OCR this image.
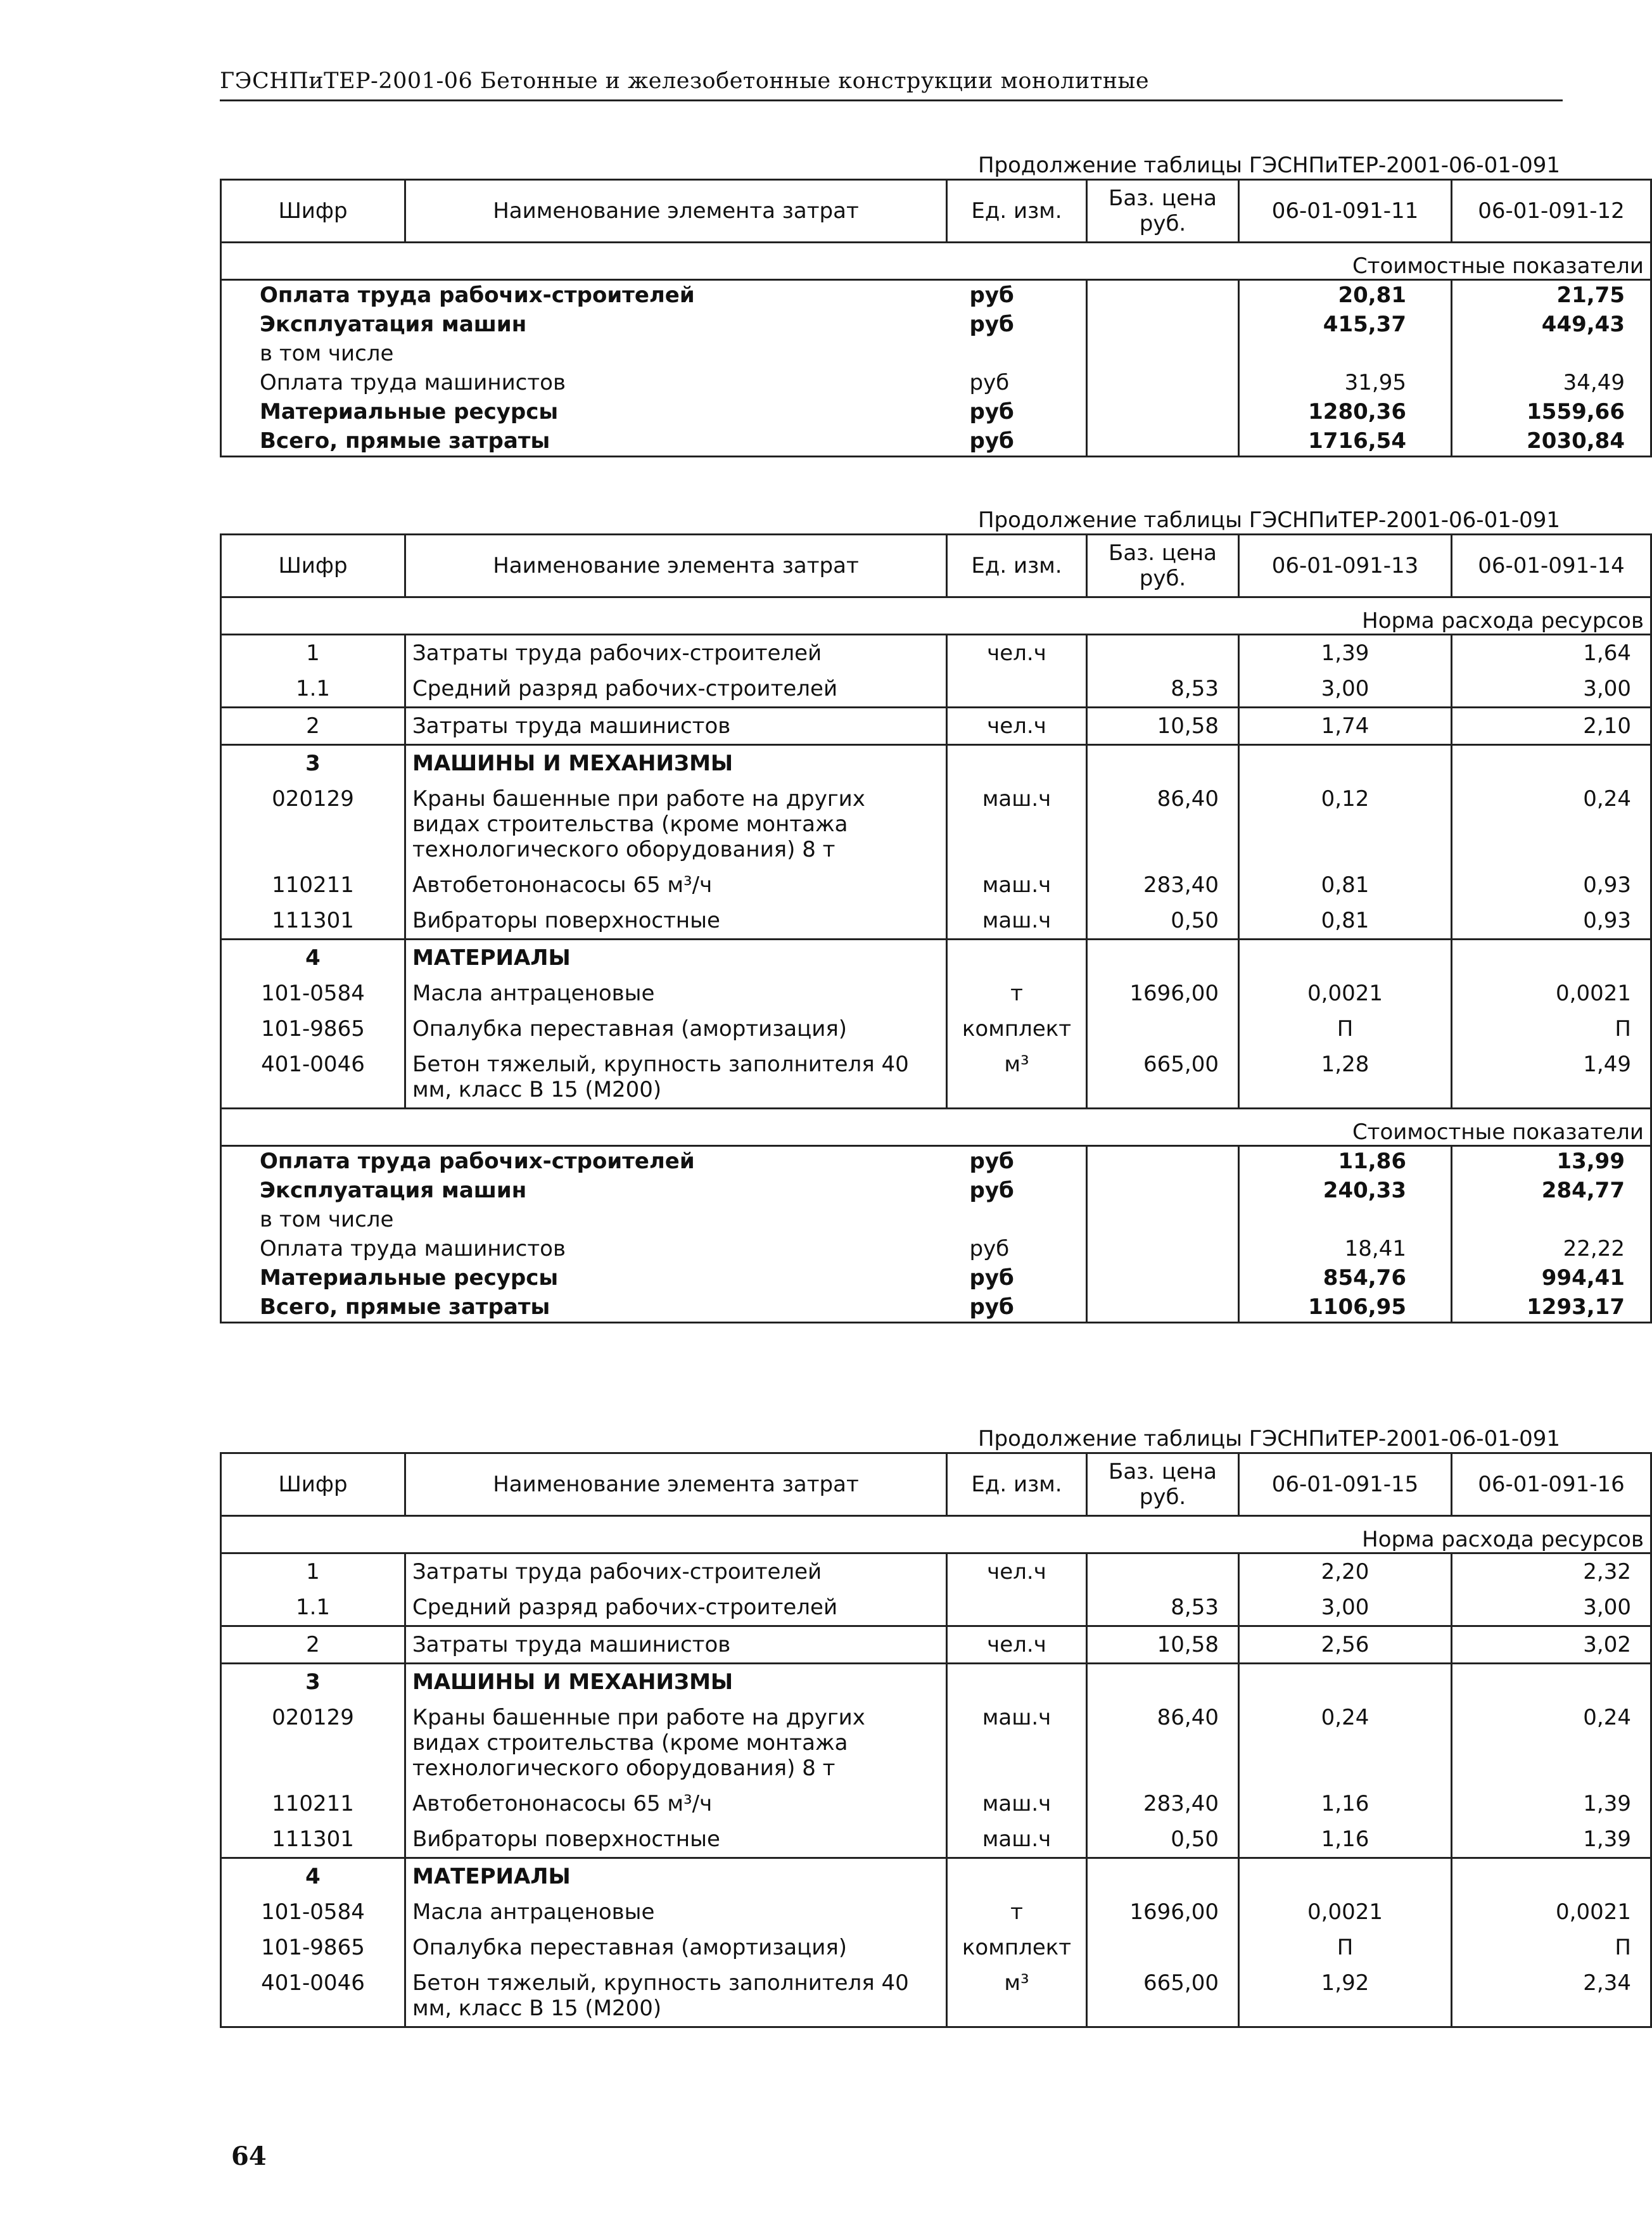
ГЭСНПиТЕР-2001-06 Бетонные и железобетонные конструкции монолитные
Продолжение таблицы ГЭСНПиТЕР-2001-06-01-091
Шифр	Наименование элемента затрат	Ед. изм.	Баз. цена руб.	06-01-091-11	06-01-091-12
Стоимостные показатели					
Оплата труда рабочих-строителей		руб		20,81	21,75
Эксплуатация машин		руб		415,37	449,43
в том числе					
Оплата труда машинистов		руб		31,95	34,49
Материальные ресурсы		руб		1280,36	1559,66
Всего, прямые затраты		руб		1716,54	2030,84
Продолжение таблицы ГЭСНПиТЕР-2001-06-01-091
Шифр	Наименование элемента затрат	Ед. изм.	Баз. цена руб.	06-01-091-13	06-01-091-14
Норма расхода ресурсов					
1	Затраты труда рабочих-строителей	чел.ч		1,39	1,64
1.1	Средний разряд рабочих-строителей		8,53	3,00	3,00
2	Затраты труда машинистов	чел.ч	10,58	1,74	2,10
3	МАШИНЫ И МЕХАНИЗМЫ				
020129	Краны башенные при работе на других видах строительства (кроме монтажа технологического оборудования) 8 т	маш.ч	86,40	0,12	0,24
110211	Автобетононасосы 65 м³/ч	маш.ч	283,40	0,81	0,93
111301	Вибраторы поверхностные	маш.ч	0,50	0,81	0,93
4	МАТЕРИАЛЫ				
101-0584	Масла антраценовые	т	1696,00	0,0021	0,0021
101-9865	Опалубка переставная (амортизация)	комплект		П	П
401-0046	Бетон тяжелый, крупность заполнителя 40 мм, класс В 15 (М200)	м³	665,00	1,28	1,49
Стоимостные показатели					
Оплата труда рабочих-строителей		руб		11,86	13,99
Эксплуатация машин		руб		240,33	284,77
в том числе					
Оплата труда машинистов		руб		18,41	22,22
Материальные ресурсы		руб		854,76	994,41
Всего, прямые затраты		руб		1106,95	1293,17
Продолжение таблицы ГЭСНПиТЕР-2001-06-01-091
Шифр	Наименование элемента затрат	Ед. изм.	Баз. цена руб.	06-01-091-15	06-01-091-16
Норма расхода ресурсов					
1	Затраты труда рабочих-строителей	чел.ч		2,20	2,32
1.1	Средний разряд рабочих-строителей		8,53	3,00	3,00
2	Затраты труда машинистов	чел.ч	10,58	2,56	3,02
3	МАШИНЫ И МЕХАНИЗМЫ				
020129	Краны башенные при работе на других видах строительства (кроме монтажа технологического оборудования) 8 т	маш.ч	86,40	0,24	0,24
110211	Автобетононасосы 65 м³/ч	маш.ч	283,40	1,16	1,39
111301	Вибраторы поверхностные	маш.ч	0,50	1,16	1,39
4	МАТЕРИАЛЫ				
101-0584	Масла антраценовые	т	1696,00	0,0021	0,0021
101-9865	Опалубка переставная (амортизация)	комплект		П	П
401-0046	Бетон тяжелый, крупность заполнителя 40 мм, класс В 15 (М200)	м³	665,00	1,92	2,34
64
